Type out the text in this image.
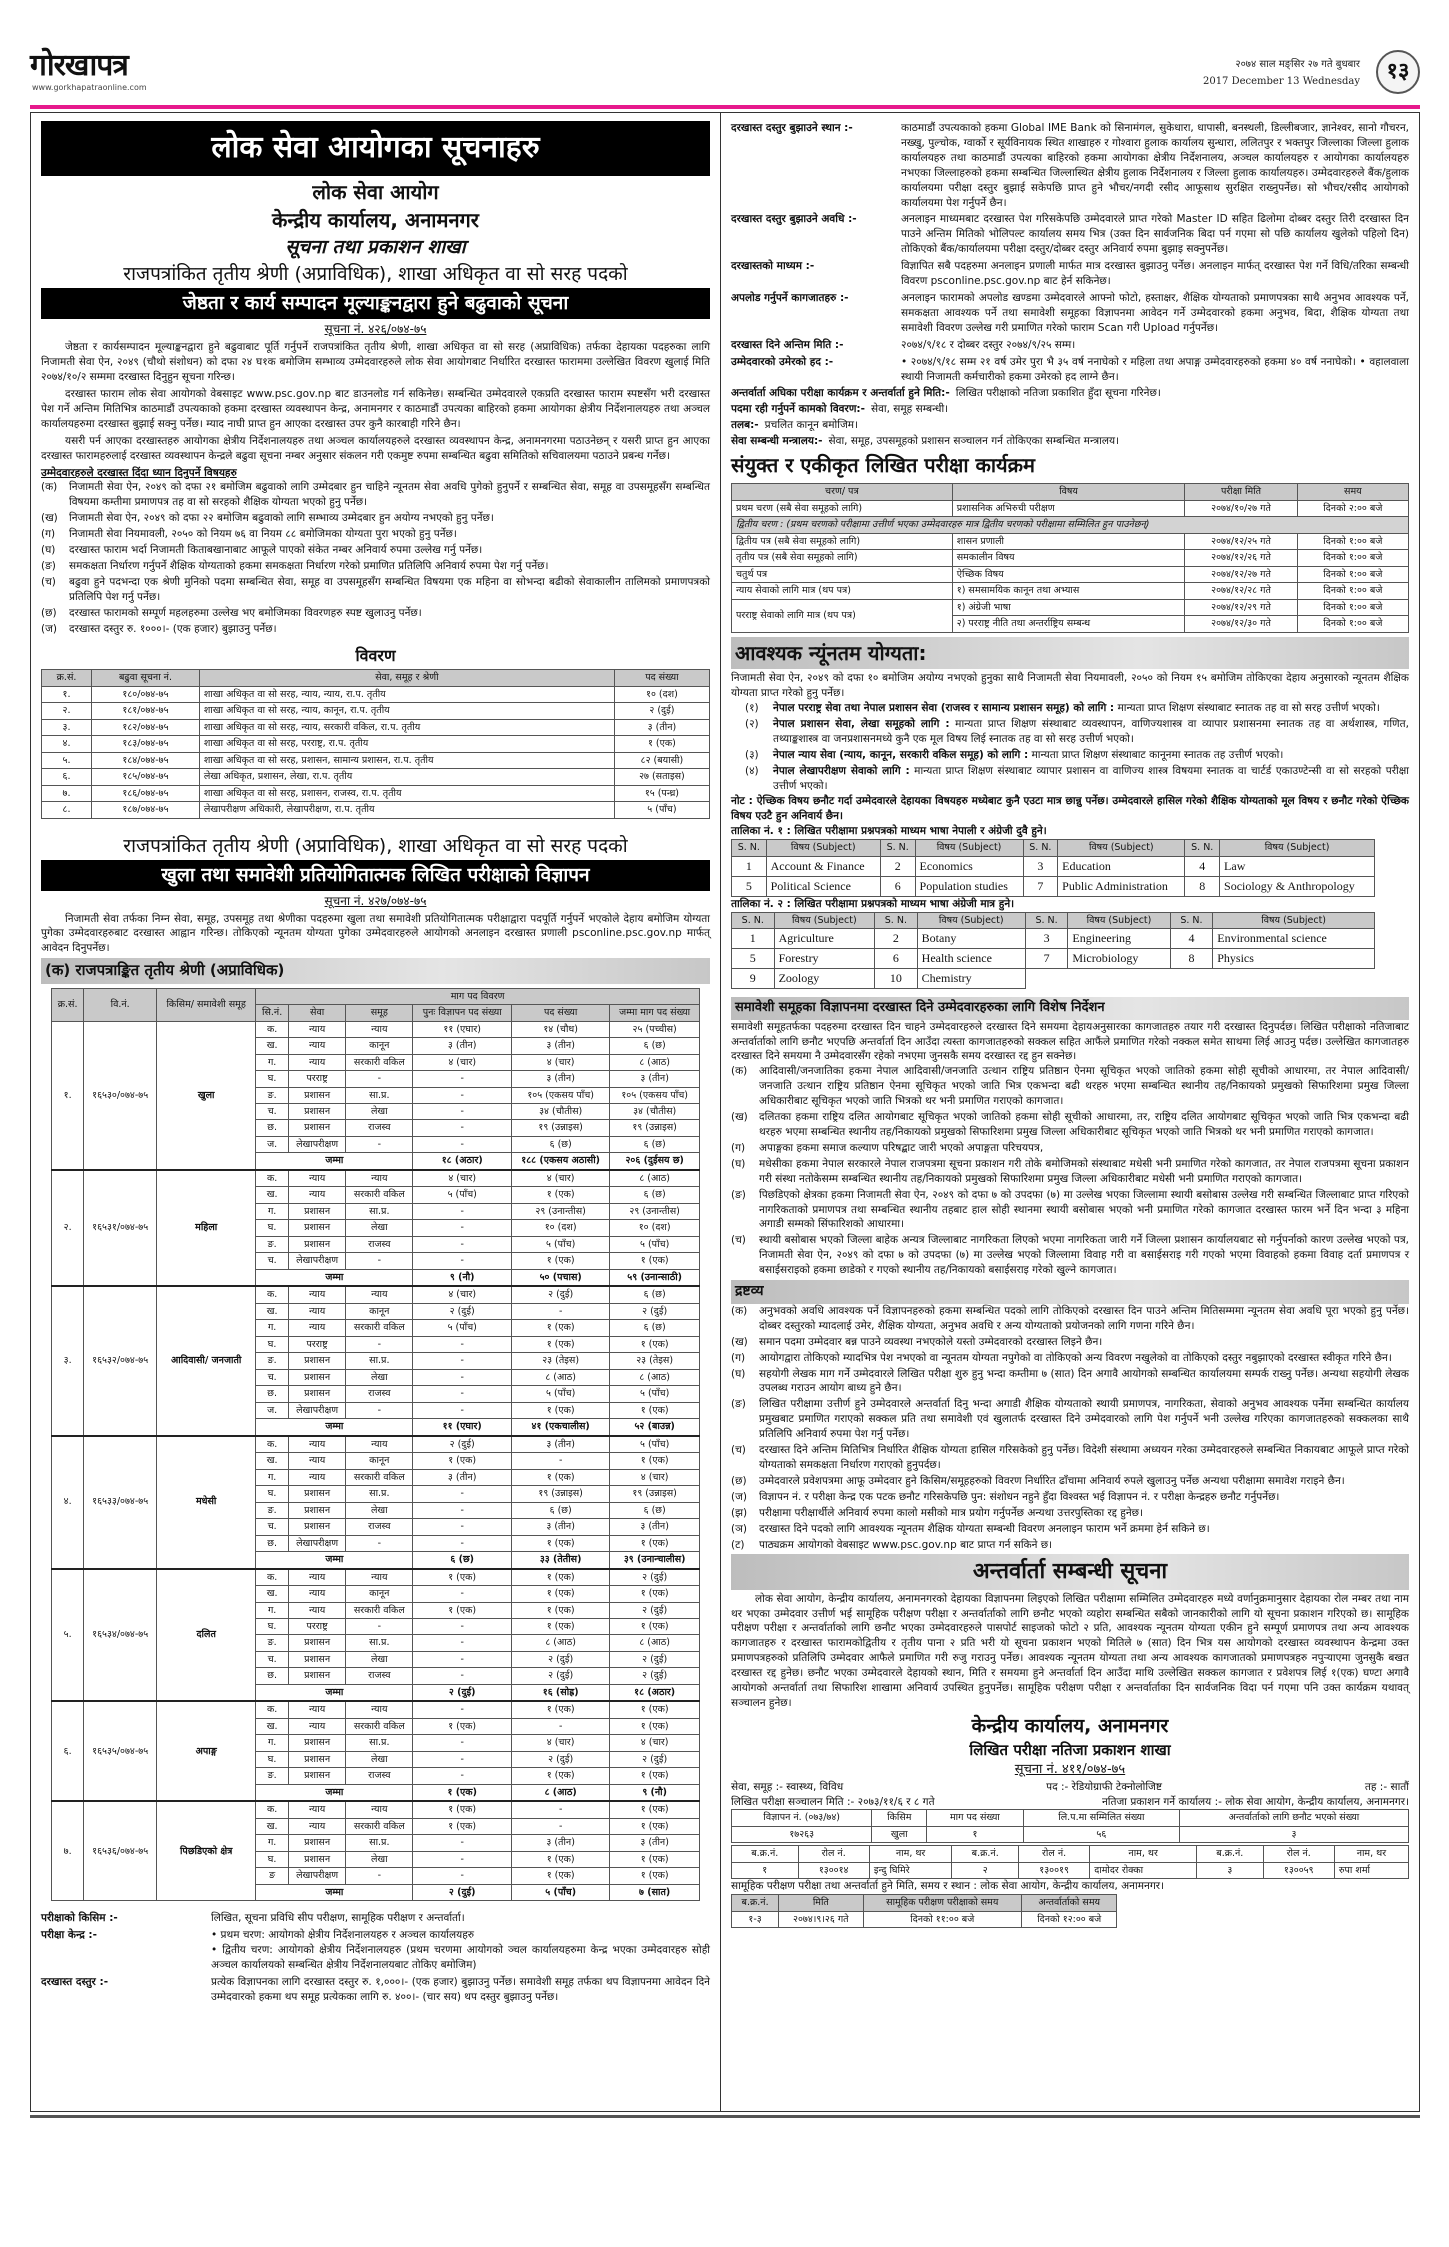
गोरखापत्र
www.gorkhapatraonline.com
२०७४ साल मङ्सिर २७ गते बुधबार
2017 December 13 Wednesday	१३
लोक सेवा आयोगका सूचनाहरु
लोक सेवा आयोग
केन्द्रीय कार्यालय, अनामनगर
सूचना तथा प्रकाशन शाखा
राजपत्रांकित तृतीय श्रेणी (अप्राविधिक), शाखा अधिकृत वा सो सरह पदको
जेष्ठता र कार्य सम्पादन मूल्याङ्कनद्वारा हुने बढुवाको सूचना
सूचना नं. ४२६/०७४-७५

जेष्ठता र कार्यसम्पादन मूल्याङ्कनद्वारा हुने बढुवाबाट पूर्ति गर्नुपर्ने राजपत्रांकित तृतीय श्रेणी, शाखा अधिकृत वा सो सरह (अप्राविधिक) तर्फका देहायका पदहरुका लागि निजामती सेवा ऐन, २०४९ (चौथो संशोधन) को दफा २४ घ१क बमोजिम सम्भाव्य उम्मेदवारहरुले लोक सेवा आयोगबाट निर्धारित दरखास्त फाराममा उल्लेखित विवरण खुलाई मिति २०७४/१०/२ सम्ममा दरखास्त दिनुहुन सूचना गरिन्छ।

दरखास्त फाराम लोक सेवा आयोगको वेबसाइट www.psc.gov.np बाट डाउनलोड गर्न सकिनेछ। सम्बन्धित उम्मेदवारले एकप्रति दरखास्त फाराम स्पष्टसँग भरी दरखास्त पेश गर्ने अन्तिम मितिभित्र काठमाडौं उपत्यकाको हकमा दरखास्त व्यवस्थापन केन्द्र, अनामनगर र काठमाडौं उपत्यका बाहिरको हकमा आयोगका क्षेत्रीय निर्देशनालयहरु तथा अञ्चल कार्यालयहरुमा दरखास्त बुझाई सक्नु पर्नेछ। म्याद नाघी प्राप्त हुन आएका दरखास्त उपर कुनै कारबाही गरिने छैन।

यसरी पर्न आएका दरखास्तहरु आयोगका क्षेत्रीय निर्देशनालयहरु तथा अञ्चल कार्यालयहरुले दरखास्त व्यवस्थापन केन्द्र, अनामनगरमा पठाउनेछन् र यसरी प्राप्त हुन आएका दरखास्त फारामहरुलाई दरखास्त व्यवस्थापन केन्द्रले बढुवा सूचना नम्बर अनुसार संकलन गरी एकमुष्ट रुपमा सम्बन्धित बढुवा समितिको सचिवालयमा पठाउने प्रबन्ध गर्नेछ।

उम्मेदवारहरुले दरखास्त दिंदा ध्यान दिनुपर्ने विषयहरु
(क)	निजामती सेवा ऐन, २०४९ को दफा २१ बमोजिम बढुवाको लागि उम्मेदबार हुन चाहिने न्यूनतम सेवा अवधि पुगेको हुनुपर्ने र सम्बन्धित सेवा, समूह वा उपसमूहसँग सम्बन्धित विषयमा कम्तीमा प्रमाणपत्र तह वा सो सरहको शैक्षिक योग्यता भएको हुनु पर्नेछ।
(ख)	निजामती सेवा ऐन, २०४९ को दफा २२ बमोजिम बढुवाको लागि सम्भाव्य उम्मेदबार हुन अयोग्य नभएको हुनु पर्नेछ।
(ग)	निजामती सेवा नियमावली, २०५० को नियम ७६ वा नियम ८८ बमोजिमका योग्यता पुरा भएको हुनु पर्नेछ।
(घ)	दरखास्त फाराम भर्दा निजामती किताबखानाबाट आफूले पाएको संकेत नम्बर अनिवार्य रुपमा उल्लेख गर्नु पर्नेछ।
(ङ)	समकक्षता निर्धारण गर्नुपर्ने शैक्षिक योग्यताको हकमा समकक्षता निर्धारण गरेको प्रमाणित प्रतिलिपि अनिवार्य रुपमा पेश गर्नु पर्नेछ।
(च)	बढुवा हुने पदभन्दा एक श्रेणी मुनिको पदमा सम्बन्धित सेवा, समूह वा उपसमूहसँग सम्बन्धित विषयमा एक महिना वा सोभन्दा बढीको सेवाकालीन तालिमको प्रमाणपत्रको प्रतिलिपि पेश गर्नु पर्नेछ।
(छ)	दरखास्त फारामको सम्पूर्ण महलहरुमा उल्लेख भए बमोजिमका विवरणहरु स्पष्ट खुलाउनु पर्नेछ।
(ज)	दरखास्त दस्तुर रु. १०००।- (एक हजार) बुझाउनु पर्नेछ।
विवरण
क्र.सं.	बढुवा सूचना नं.	सेवा, समूह र श्रेणी	पद संख्या
१.	१८०/०७४-७५	शाखा अधिकृत वा सो सरह, न्याय, न्याय, रा.प. तृतीय	१० (दश)
२.	१८१/०७४-७५	शाखा अधिकृत वा सो सरह, न्याय, कानून, रा.प. तृतीय	२ (दुई)
३.	१८२/०७४-७५	शाखा अधिकृत वा सो सरह, न्याय, सरकारी वकिल, रा.प. तृतीय	३ (तीन)
४.	१८३/०७४-७५	शाखा अधिकृत वा सो सरह, परराष्ट्र, रा.प. तृतीय	१ (एक)
५.	१८४/०७४-७५	शाखा अधिकृत वा सो सरह, प्रशासन, सामान्य प्रशासन, रा.प. तृतीय	८२ (बयासी)
६.	१८५/०७४-७५	लेखा अधिकृत, प्रशासन, लेखा, रा.प. तृतीय	२७ (सताइस)
७.	१८६/०७४-७५	शाखा अधिकृत वा सो सरह, प्रशासन, राजस्व, रा.प. तृतीय	१५ (पन्ध्र)
८.	१८७/०७४-७५	लेखापरीक्षण अधिकारी, लेखापरीक्षण, रा.प. तृतीय	५ (पाँच)
राजपत्रांकित तृतीय श्रेणी (अप्राविधिक), शाखा अधिकृत वा सो सरह पदको
खुला तथा समावेशी प्रतियोगितात्मक लिखित परीक्षाको विज्ञापन
सूचना नं. ४२७/०७४-७५

निजामती सेवा तर्फका निम्न सेवा, समूह, उपसमूह तथा श्रेणीका पदहरुमा खुला तथा समावेशी प्रतियोगितात्मक परीक्षाद्वारा पदपूर्ति गर्नुपर्ने भएकोले देहाय बमोजिम योग्यता पुगेका उम्मेदवारहरुबाट दरखास्त आह्वान गरिन्छ। तोकिएको न्यूनतम योग्यता पुगेका उम्मेदवारहरुले आयोगको अनलाइन दरखास्त प्रणाली psconline.psc.gov.np मार्फत् आवेदन दिनुपर्नेछ।

(क) राजपत्राङ्कित तृतीय श्रेणी (अप्राविधिक)
क्र.सं.	वि.नं.	किसिम/ समावेशी समूह	माग पद विवरण					
			सि.नं.	सेवा	समूह	पुनः विज्ञापन पद संख्या	पद संख्या	जम्मा माग पद संख्या
१.	१६५३०/०७४-७५	खुला	क.	न्याय	न्याय	११ (एघार)	१४ (चौध)	२५ (पच्चीस)
			ख.	न्याय	कानून	३ (तीन)	३ (तीन)	६ (छ)
			ग.	न्याय	सरकारी वकिल	४ (चार)	४ (चार)	८ (आठ)
			घ.	परराष्ट्र	-	-	३ (तीन)	३ (तीन)
			ङ.	प्रशासन	सा.प्र.	-	१०५ (एकसय पाँच)	१०५ (एकसय पाँच)
			च.	प्रशासन	लेखा	-	३४ (चौतीस)	३४ (चौतीस)
			छ.	प्रशासन	राजस्व	-	१९ (उन्नाइस)	१९ (उन्नाइस)
			ज.	लेखापरीक्षण	-	-	६ (छ)	६ (छ)
			जम्मा			१८ (अठार)	१८८ (एकसय अठासी)	२०६ (दुईसय छ)
२.	१६५३१/०७४-७५	महिला	क.	न्याय	न्याय	४ (चार)	४ (चार)	८ (आठ)
			ख.	न्याय	सरकारी वकिल	५ (पाँच)	१ (एक)	६ (छ)
			ग.	प्रशासन	सा.प्र.	-	२९ (उनान्तीस)	२९ (उनान्तीस)
			घ.	प्रशासन	लेखा	-	१० (दश)	१० (दश)
			ङ.	प्रशासन	राजस्व	-	५ (पाँच)	५ (पाँच)
			च.	लेखापरीक्षण	-	-	१ (एक)	१ (एक)
			जम्मा			९ (नौ)	५० (पचास)	५९ (उनान्साठी)
३.	१६५३२/०७४-७५	आदिवासी/ जनजाती	क.	न्याय	न्याय	४ (चार)	२ (दुई)	६ (छ)
			ख.	न्याय	कानून	२ (दुई)	-	२ (दुई)
			ग.	न्याय	सरकारी वकिल	५ (पाँच)	१ (एक)	६ (छ)
			घ.	परराष्ट्र	-	-	१ (एक)	१ (एक)
			ङ.	प्रशासन	सा.प्र.	-	२३ (तेइस)	२३ (तेइस)
			च.	प्रशासन	लेखा	-	८ (आठ)	८ (आठ)
			छ.	प्रशासन	राजस्व	-	५ (पाँच)	५ (पाँच)
			ज.	लेखापरीक्षण	-	-	१ (एक)	१ (एक)
			जम्मा			११ (एघार)	४१ (एकचालीस)	५२ (बाउन्न)
४.	१६५३३/०७४-७५	मधेसी	क.	न्याय	न्याय	२ (दुई)	३ (तीन)	५ (पाँच)
			ख.	न्याय	कानून	१ (एक)	-	१ (एक)
			ग.	न्याय	सरकारी वकिल	३ (तीन)	१ (एक)	४ (चार)
			घ.	प्रशासन	सा.प्र.	-	१९ (उन्नाइस)	१९ (उन्नाइस)
			ङ.	प्रशासन	लेखा	-	६ (छ)	६ (छ)
			च.	प्रशासन	राजस्व	-	३ (तीन)	३ (तीन)
			छ.	लेखापरीक्षण	-	-	१ (एक)	१ (एक)
			जम्मा			६ (छ)	३३ (तेतीस)	३९ (उनान्चालीस)
५.	१६५३४/०७४-७५	दलित	क.	न्याय	न्याय	१ (एक)	१ (एक)	२ (दुई)
			ख.	न्याय	कानून	-	१ (एक)	१ (एक)
			ग.	न्याय	सरकारी वकिल	१ (एक)	१ (एक)	२ (दुई)
			घ.	परराष्ट्र	-	-	१ (एक)	१ (एक)
			ङ.	प्रशासन	सा.प्र.	-	८ (आठ)	८ (आठ)
			च.	प्रशासन	लेखा	-	२ (दुई)	२ (दुई)
			छ.	प्रशासन	राजस्व	-	२ (दुई)	२ (दुई)
			जम्मा			२ (दुई)	१६ (सोह्र)	१८ (अठार)
६.	१६५३५/०७४-७५	अपाङ्ग	क.	न्याय	न्याय	-	१ (एक)	१ (एक)
			ख.	न्याय	सरकारी वकिल	१ (एक)	-	१ (एक)
			ग.	प्रशासन	सा.प्र.	-	४ (चार)	४ (चार)
			घ.	प्रशासन	लेखा	-	२ (दुई)	२ (दुई)
			ङ.	प्रशासन	राजस्व	-	१ (एक)	१ (एक)
			जम्मा			१ (एक)	८ (आठ)	९ (नौ)
७.	१६५३६/०७४-७५	पिछडिएको क्षेत्र	क.	न्याय	न्याय	१ (एक)	-	१ (एक)
			ख.	न्याय	सरकारी वकिल	१ (एक)	-	१ (एक)
			ग.	प्रशासन	सा.प्र.	-	३ (तीन)	३ (तीन)
			घ.	प्रशासन	लेखा	-	१ (एक)	१ (एक)
			ङ	लेखापरीक्षण	-	-	१ (एक)	१ (एक)
			जम्मा			२ (दुई)	५ (पाँच)	७ (सात)
परीक्षाको किसिम :-	लिखित, सूचना प्रविधि सीप परीक्षण, सामूहिक परीक्षण र अन्तर्वार्ता।
परीक्षा केन्द्र :-	• प्रथम चरण: आयोगको क्षेत्रीय निर्देशनालयहरु र अञ्चल कार्यालयहरु
• द्वितीय चरण: आयोगको क्षेत्रीय निर्देशनालयहरु (प्रथम चरणमा आयोगको ञ्चल कार्यालयहरुमा केन्द्र भएका उम्मेदवारहरु सोही अञ्चल कार्यालयको सम्बन्धित क्षेत्रीय निर्देशनालयबाट तोकिए बमोजिम)
दरखास्त दस्तुर :-	प्रत्येक विज्ञापनका लागि दरखास्त दस्तुर रु. १,०००।- (एक हजार) बुझाउनु पर्नेछ। समावेशी समूह तर्फका थप विज्ञापनमा आवेदन दिने उम्मेदवारको हकमा थप समूह प्रत्येकका लागि रु. ४००।- (चार सय) थप दस्तुर बुझाउनु पर्नेछ।
दरखास्त दस्तुर बुझाउने स्थान :-	काठमाडौं उपत्यकाको हकमा Global IME Bank को सिनामंगल, सुकेधारा, धापासी, बनस्थली, डिल्लीबजार, ज्ञानेश्वर, सानो गौचरन, नख्खु, पुल्चोक, ग्वार्को र सूर्यविनायक स्थित शाखाहरु र गोश्वारा हुलाक कार्यालय सुन्धारा, ललितपुर र भक्तपुर जिल्लाका जिल्ला हुलाक कार्यालयहरु तथा काठमाडौं उपत्यका बाहिरको हकमा आयोगका क्षेत्रीय निर्देशनालय, अञ्चल कार्यालयहरु र आयोगका कार्यालयहरु नभएका जिल्लाहरुको हकमा सम्बन्धित जिल्लास्थित क्षेत्रीय हुलाक निर्देशनालय र जिल्ला हुलाक कार्यालयहरु। उम्मेदवारहरुले बैंक/हुलाक कार्यालयमा परीक्षा दस्तुर बुझाई सकेपछि प्राप्त हुने भौचर/नगदी रसीद आफूसाथ सुरक्षित राख्नुपर्नेछ। सो भौचर/रसीद आयोगको कार्यालयमा पेश गर्नुपर्ने छैन।
दरखास्त दस्तुर बुझाउने अवधि :-	अनलाइन माध्यमबाट दरखास्त पेश गरिसकेपछि उम्मेदवारले प्राप्त गरेको Master ID सहित ढिलोमा दोब्बर दस्तुर तिरी दरखास्त दिन पाउने अन्तिम मितिको भोलिपल्ट कार्यालय समय भित्र (उक्त दिन सार्वजनिक बिदा पर्न गएमा सो पछि कार्यालय खुलेको पहिलो दिन) तोकिएको बैंक/कार्यालयमा परीक्षा दस्तुर/दोब्बर दस्तुर अनिवार्य रुपमा बुझाइ सक्नुपर्नेछ।
दरखास्तको माध्यम :-	विज्ञापित सबै पदहरुमा अनलाइन प्रणाली मार्फत मात्र दरखास्त बुझाउनु पर्नेछ। अनलाइन मार्फत् दरखास्त पेश गर्ने विधि/तरिका सम्बन्धी विवरण psconline.psc.gov.np बाट हेर्न सकिनेछ।
अपलोड गर्नुपर्ने कागजातहरु :-	अनलाइन फारामको अपलोड खण्डमा उम्मेदवारले आफ्नो फोटो, हस्ताक्षर, शैक्षिक योग्यताको प्रमाणपत्रका साथै अनुभव आवश्यक पर्ने, समकक्षता आवश्यक पर्ने तथा समावेशी समूहका विज्ञापनमा आवेदन गर्ने उम्मेदवारको हकमा अनुभव, बिदा, शैक्षिक योग्यता तथा समावेशी विवरण उल्लेख गरी प्रमाणित गरेको फाराम Scan गरी Upload गर्नुपर्नेछ।
दरखास्त दिने अन्तिम मिति :-	२०७४/९/१८ र दोब्बर दस्तुर २०७४/९/२५ सम्म।
उम्मेदवारको उमेरको हद :-	• २०७४/९/१८ सम्म २१ वर्ष उमेर पुरा भै ३५ वर्ष ननाघेको र महिला तथा अपाङ्ग उम्मेदवारहरुको हकमा ४० वर्ष ननाघेको। • वहालवाला स्थायी निजामती कर्मचारीको हकमा उमेरको हद लाग्ने छैन।
अन्तर्वार्ता अघिका परीक्षा कार्यक्रम र अन्तर्वार्ता हुने मिति:- लिखित परीक्षाको नतिजा प्रकाशित हुँदा सूचना गरिनेछ।
पदमा रही गर्नुपर्ने कामको विवरण:- सेवा, समूह सम्बन्धी।
तलब:- प्रचलित कानून बमोजिम।
सेवा सम्बन्धी मन्त्रालय:- सेवा, समूह, उपसमूहको प्रशासन सञ्चालन गर्न तोकिएका सम्बन्धित मन्त्रालय।
संयुक्त र एकीकृत लिखित परीक्षा कार्यक्रम
चरण/ पत्र	विषय	परीक्षा मिति	समय
प्रथम चरण (सबै सेवा समूहको लागि)	प्रशासनिक अभिरुची परीक्षण	२०७४/१०/२७ गते	दिनको २:०० बजे
द्वितीय चरण : (प्रथम चरणको परीक्षामा उत्तीर्ण भएका उम्मेदवारहरु मात्र द्वितीय चरणको परीक्षामा सम्मिलित हुन पाउनेछन्)			
द्वितीय पत्र (सबै सेवा समूहको लागि)	शासन प्रणाली	२०७४/१२/२५ गते	दिनको १:०० बजे
तृतीय पत्र (सबै सेवा समूहको लागि)	समकालीन विषय	२०७४/१२/२६ गते	दिनको १:०० बजे
चतुर्थ पत्र	ऐच्छिक विषय	२०७४/१२/२७ गते	दिनको १:०० बजे
न्याय सेवाको लागि मात्र (थप पत्र)	१) समसामयिक कानून तथा अभ्यास	२०७४/१२/२८ गते	दिनको १:०० बजे
परराष्ट्र सेवाको लागि मात्र (थप पत्र)	१) अंग्रेजी भाषा	२०७४/१२/२९ गते	दिनको १:०० बजे
	२) परराष्ट्र नीति तथा अन्तर्राष्ट्रिय सम्बन्ध	२०७४/१२/३० गते	दिनको १:०० बजे
आवश्यक न्यूंनतम योग्यता:

निजामती सेवा ऐन, २०४९ को दफा १० बमोजिम अयोग्य नभएको हुनुका साथै निजामती सेवा नियमावली, २०५० को नियम १५ बमोजिम तोकिएका देहाय अनुसारको न्यूनतम शैक्षिक योग्यता प्राप्त गरेको हुनु पर्नेछ।

(१)	नेपाल परराष्ट्र सेवा तथा नेपाल प्रशासन सेवा (राजस्व र सामान्य प्रशासन समूह) को लागि : मान्यता प्राप्त शिक्षण संस्थाबाट स्नातक तह वा सो सरह उत्तीर्ण भएको।
(२)	नेपाल प्रशासन सेवा, लेखा समूहको लागि : मान्यता प्राप्त शिक्षण संस्थाबाट व्यवस्थापन, वाणिज्यशास्त्र वा व्यापार प्रशासनमा स्नातक तह वा अर्थशास्त्र, गणित, तथ्याङ्कशास्त्र वा जनप्रशासनमध्ये कुनै एक मूल विषय लिई स्नातक तह वा सो सरह उत्तीर्ण भएको।
(३)	नेपाल न्याय सेवा (न्याय, कानून, सरकारी वकिल समूह) को लागि : मान्यता प्राप्त शिक्षण संस्थाबाट कानूनमा स्नातक तह उत्तीर्ण भएको।
(४)	नेपाल लेखापरीक्षण सेवाको लागि : मान्यता प्राप्त शिक्षण संस्थाबाट व्यापार प्रशासन वा वाणिज्य शास्त्र विषयमा स्नातक वा चार्टर्ड एकाउण्टेन्सी वा सो सरहको परीक्षा उत्तीर्ण भएको।

नोट : ऐच्छिक विषय छनौट गर्दा उम्मेदवारले देहायका विषयहरु मध्येबाट कुनै एउटा मात्र छान्नु पर्नेछ। उम्मेदवारले हासिल गरेको शैक्षिक योग्यताको मूल विषय र छनौट गरेको ऐच्छिक विषय एउटै हुन अनिवार्य छैन।

तालिका नं. १ : लिखित परीक्षामा प्रश्नपत्रको माध्यम भाषा नेपाली र अंग्रेजी दुवै हुने।
S. N.	विषय (Subject)	S. N.	विषय (Subject)	S. N.	विषय (Subject)	S. N.	विषय (Subject)
1	Account & Finance	2	Economics	3	Education	4	Law
5	Political Science	6	Population studies	7	Public Administration	8	Sociology & Anthropology
तालिका नं. २ : लिखित परीक्षामा प्रश्नपत्रको माध्यम भाषा अंग्रेजी मात्र हुने।
S. N.	विषय (Subject)	S. N.	विषय (Subject)	S. N.	विषय (Subject)	S. N.	विषय (Subject)
1	Agriculture	2	Botany	3	Engineering	4	Environmental science
5	Forestry	6	Health science	7	Microbiology	8	Physics
9	Zoology	10	Chemistry				
समावेशी समूहका विज्ञापनमा दरखास्त दिने उम्मेदवारहरुका लागि विशेष निर्देशन

समावेशी समूहतर्फका पदहरुमा दरखास्त दिन चाहने उम्मेदवारहरुले दरखास्त दिने समयमा देहायअनुसारका कागजातहरु तयार गरी दरखास्त दिनुपर्दछ। लिखित परीक्षाको नतिजाबाट अन्तर्वार्ताको लागि छनौट भएपछि अन्तर्वार्ता दिन आउँदा त्यस्ता कागजातहरुको सक्कल सहित आफैंले प्रमाणित गरेको नक्कल समेत साथमा लिई आउनु पर्दछ। उल्लेखित कागजातहरु दरखास्त दिने समयमा नै उम्मेदवारसँग रहेको नभएमा जुनसकै समय दरखास्त रद्द हुन सक्नेछ।

(क)	आदिवासी/जनजातिका हकमा नेपाल आदिवासी/जनजाति उत्थान राष्ट्रिय प्रतिष्ठान ऐनमा सूचिकृत भएको जातिको हकमा सोही सूचीको आधारमा, तर नेपाल आदिवासी/जनजाति उत्थान राष्ट्रिय प्रतिष्ठान ऐनमा सूचिकृत भएको जाति भित्र एकभन्दा बढी थरहरु भएमा सम्बन्धित स्थानीय तह/निकायको प्रमुखको सिफारिशमा प्रमुख जिल्ला अधिकारीबाट सूचिकृत भएको जाति भित्रको थर भनी प्रमाणित गराएको कागजात।
(ख)	दलितका हकमा राष्ट्रिय दलित आयोगबाट सूचिकृत भएको जातिको हकमा सोही सूचीको आधारमा, तर, राष्ट्रिय दलित आयोगबाट सूचिकृत भएको जाति भित्र एकभन्दा बढी थरहरु भएमा सम्बन्धित स्थानीय तह/निकायको प्रमुखको सिफारिशमा प्रमुख जिल्ला अधिकारीबाट सूचिकृत भएको जाति भित्रको थर भनी प्रमाणित गराएको कागजात।
(ग)	अपाङ्गका हकमा समाज कल्याण परिषद्बाट जारी भएको अपाङ्गता परिचयपत्र,
(घ)	मधेसीका हकमा नेपाल सरकारले नेपाल राजपत्रमा सूचना प्रकाशन गरी तोके बमोजिमको संस्थाबाट मधेसी भनी प्रमाणित गरेको कागजात, तर नेपाल राजपत्रमा सूचना प्रकाशन गरी संस्था नतोकेसम्म सम्बन्धित स्थानीय तह/निकायको प्रमुखको सिफारिशमा प्रमुख जिल्ला अधिकारीबाट मधेसी भनी प्रमाणित गराएको कागजात।
(ङ)	पिछडिएको क्षेत्रका हकमा निजामती सेवा ऐन, २०४९ को दफा ७ को उपदफा (७) मा उल्लेख भएका जिल्लामा स्थायी बसोबास उल्लेख गरी सम्बन्धित जिल्लाबाट प्राप्त गरिएको नागरिकताको प्रमाणपत्र तथा सम्बन्धित स्थानीय तहबाट हाल सोही स्थानमा स्थायी बसोबास भएको भनी प्रमाणित गरेको कागजात दरखास्त फारम भर्ने दिन भन्दा ३ महिना अगाडी सम्मको सिंफारिशको आधारमा।
(च)	स्थायी बसोबास भएको जिल्ला बाहेक अन्यत्र जिल्लाबाट नागरिकता लिएको भएमा नागरिकता जारी गर्ने जिल्ला प्रशासन कार्यालयबाट सो गर्नुपर्नाको कारण उल्लेख भएको पत्र, निजामती सेवा ऐन, २०४९ को दफा ७ को उपदफा (७) मा उल्लेख भएको जिल्लामा विवाह गरी वा बसाईसराइ गरी गएको भएमा विवाहको हकमा विवाह दर्ता प्रमाणपत्र र बसाईसराइको हकमा छाडेको र गएको स्थानीय तह/निकायको बसाईसराइ गरेको खुल्ने कागजात।
द्रष्टव्य
(क)	अनुभवको अवधि आवश्यक पर्ने विज्ञापनहरुको हकमा सम्बन्धित पदको लागि तोकिएको दरखास्त दिन पाउने अन्तिम मितिसम्ममा न्यूनतम सेवा अवधि पूरा भएको हुनु पर्नेछ। दोब्बर दस्तुरको म्यादलाई उमेर, शैक्षिक योग्यता, अनुभव अवधि र अन्य योग्यताको प्रयोजनको लागि गणना गरिने छैन।
(ख)	समान पदमा उम्मेदवार बन्न पाउने व्यवस्था नभएकोले यस्तो उम्मेदवारको दरखास्त लिइने छैन।
(ग)	आयोगद्वारा तोकिएको म्यादभित्र पेश नभएको वा न्यूनतम योग्यता नपुगेको वा तोकिएको अन्य विवरण नखुलेको वा तोकिएको दस्तुर नबुझाएको दरखास्त स्वीकृत गरिने छैन।
(घ)	सहयोगी लेखक माग गर्ने उम्मेदवारले लिखित परीक्षा शुरु हुनु भन्दा कम्तीमा ७ (सात) दिन अगावै आयोगको सम्बन्धित कार्यालयमा सम्पर्क राख्नु पर्नेछ। अन्यथा सहयोगी लेखक उपलब्ध गराउन आयोग बाध्य हुने छैन।
(ङ)	लिखित परीक्षामा उत्तीर्ण हुने उम्मेदवारले अन्तर्वार्ता दिनु भन्दा अगाडी शैक्षिक योग्यताको स्थायी प्रमाणपत्र, नागरिकता, सेवाको अनुभव आवश्यक पर्नेमा सम्बन्धित कार्यालय प्रमुखबाट प्रमाणित गराएको सक्कल प्रति तथा समावेशी एवं खुलातर्फ दरखास्त दिने उम्मेदवारको लागि पेश गर्नुपर्ने भनी उल्लेख गरिएका कागजातहरुको सक्कलका साथै प्रतिलिपि अनिवार्य रुपमा पेश गर्नु पर्नेछ।
(च)	दरखास्त दिने अन्तिम मितिभित्र निर्धारित शैक्षिक योग्यता हासिल गरिसकेको हुनु पर्नेछ। विदेशी संस्थामा अध्ययन गरेका उम्मेदवारहरुले सम्बन्धित निकायबाट आफूले प्राप्त गरेको योग्यताको समकक्षता निर्धारण गराएको हुनुपर्दछ।
(छ)	उम्मेदवारले प्रवेशपत्रमा आफू उम्मेदवार हुने किसिम/समूहहरुको विवरण निर्धारित ढाँचामा अनिवार्य रुपले खुलाउनु पर्नेछ अन्यथा परीक्षामा समावेश गराइने छैन।
(ज)	विज्ञापन नं. र परीक्षा केन्द्र एक पटक छनौट गरिसकेपछि पुन: संशोधन नहुने हुँदा विश्वस्त भई विज्ञापन नं. र परीक्षा केन्द्रहरु छनौट गर्नुपर्नेछ।
(झ)	परीक्षामा परीक्षार्थीले अनिवार्य रुपमा कालो मसीको मात्र प्रयोग गर्नुपर्नेछ अन्यथा उत्तरपुस्तिका रद्द हुनेछ।
(ञ)	दरखास्त दिने पदको लागि आवश्यक न्यूनतम शैक्षिक योग्यता सम्बन्धी विवरण अनलाइन फाराम भर्ने क्रममा हेर्न सकिने छ।
(ट)	पाठ्यक्रम आयोगको वेबसाइट www.psc.gov.np बाट प्राप्त गर्न सकिने छ।
अन्तर्वार्ता सम्बन्धी सूचना

लोक सेवा आयोग, केन्द्रीय कार्यालय, अनामनगरको देहायका विज्ञापनमा लिइएको लिखित परीक्षामा सम्मिलित उम्मेदवारहरु मध्ये वर्णानुक्रमानुसार देहायका रोल नम्बर तथा नाम थर भएका उम्मेदवार उत्तीर्ण भई सामूहिक परीक्षण परीक्षा र अन्तर्वार्ताको लागि छनौट भएको व्यहोरा सम्बन्धित सबैको जानकारीको लागि यो सूचना प्रकाशन गरिएको छ। सामूहिक परीक्षण परीक्षा र अन्तर्वार्ताको लागि छनौट भएका उम्मेदवारहरुले पासपोर्ट साइजको फोटो २ प्रति, आवश्यक न्यूनतम योग्यता एकीन हुने सम्पूर्ण प्रमाणपत्र तथा अन्य आवश्यक कागजातहरु र दरखास्त फारामकोद्वितीय र तृतीय पाना २ प्रति भरी यो सूचना प्रकाशन भएको मितिले ७ (सात) दिन भित्र यस आयोगको दरखास्त व्यवस्थापन केन्द्रमा उक्त प्रमाणपत्रहरुको प्रतिलिपि उम्मेदवार आफैले प्रमाणित गरी रुजु गराउनु पर्नेछ। आवश्यक न्यूनतम योग्यता तथा अन्य आवश्यक कागजातको प्रमाणपत्रहरु नपुऱ्याएमा जुनसुकै बखत दरखास्त रद्द हुनेछ। छनौट भएका उम्मेदवारले देहायको स्थान, मिति र समयमा हुने अन्तर्वार्ता दिन आउँदा माथि उल्लेखित सक्कल कागजात र प्रवेशपत्र लिई १(एक) घण्टा अगावै आयोगको अन्तर्वार्ता तथा सिफारिश शाखामा अनिवार्य उपस्थित हुनुपर्नेछ। सामूहिक परीक्षण परीक्षा र अन्तर्वार्ताका दिन सार्वजनिक विदा पर्न गएमा पनि उक्त कार्यक्रम यथावत् सञ्चालन हुनेछ।

केन्द्रीय कार्यालय, अनामनगर
लिखित परीक्षा नतिजा प्रकाशन शाखा
सूचना नं. ४११/०७४-७५
सेवा, समूह :- स्वास्थ्य, विविध	पद :- रेडियोग्राफी टेक्नोलोजिष्ट	तह :- सातौं
लिखित परीक्षा सञ्चालन मिति :- २०७३/११/६ र ८ गते	नतिजा प्रकाशन गर्ने कार्यालय :- लोक सेवा आयोग, केन्द्रीय कार्यालय, अनामनगर।
विज्ञापन नं. (०७३/७४)	किसिम	माग पद संख्या	लि.प.मा सम्मिलित संख्या	अन्तर्वार्ताको लागि छनौट भएको संख्या
१७२६३	खुला	१	५६	३
ब.क्र.नं.	रोल नं.	नाम, थर	ब.क्र.नं.	रोल नं.	नाम, थर	ब.क्र.नं.	रोल नं.	नाम, थर
१	१३००१४	इन्दु घिमिरे	२	१३००१९	दामोदर रोक्का	३	१३००५९	रुपा शर्मा
सामूहिक परीक्षण परीक्षा तथा अन्तर्वार्ता हुने मिति, समय र स्थान : लोक सेवा आयोग, केन्द्रीय कार्यालय, अनामनगर।
ब.क्र.नं.	मिति	सामूहिक परीक्षण परीक्षाको समय	अन्तर्वार्ताको समय
१-३	२०७४।९।२६ गते	दिनको ११:०० बजे	दिनको १२:०० बजे
